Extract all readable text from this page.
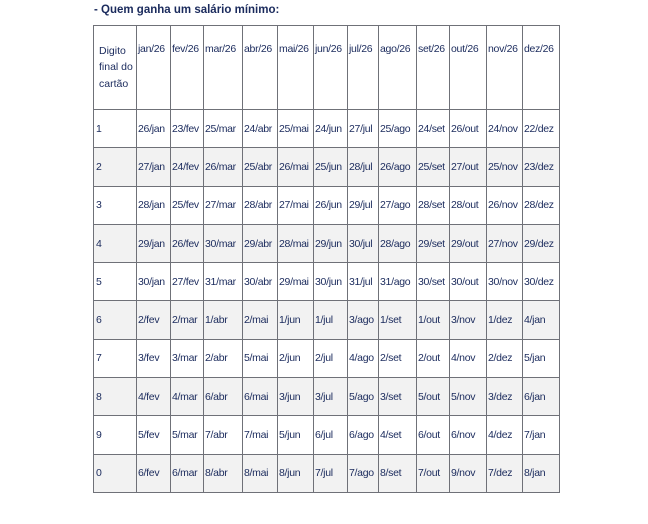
- Quem ganha um salário mínimo:
Digito final do cartão	jan/26	fev/26	mar/26	abr/26	mai/26	jun/26	jul/26	ago/26	set/26	out/26	nov/26	dez/26
1	26/jan	23/fev	25/mar	24/abr	25/mai	24/jun	27/jul	25/ago	24/set	26/out	24/nov	22/dez
2	27/jan	24/fev	26/mar	25/abr	26/mai	25/jun	28/jul	26/ago	25/set	27/out	25/nov	23/dez
3	28/jan	25/fev	27/mar	28/abr	27/mai	26/jun	29/jul	27/ago	28/set	28/out	26/nov	28/dez
4	29/jan	26/fev	30/mar	29/abr	28/mai	29/jun	30/jul	28/ago	29/set	29/out	27/nov	29/dez
5	30/jan	27/fev	31/mar	30/abr	29/mai	30/jun	31/jul	31/ago	30/set	30/out	30/nov	30/dez
6	2/fev	2/mar	1/abr	2/mai	1/jun	1/jul	3/ago	1/set	1/out	3/nov	1/dez	4/jan
7	3/fev	3/mar	2/abr	5/mai	2/jun	2/jul	4/ago	2/set	2/out	4/nov	2/dez	5/jan
8	4/fev	4/mar	6/abr	6/mai	3/jun	3/jul	5/ago	3/set	5/out	5/nov	3/dez	6/jan
9	5/fev	5/mar	7/abr	7/mai	5/jun	6/jul	6/ago	4/set	6/out	6/nov	4/dez	7/jan
0	6/fev	6/mar	8/abr	8/mai	8/jun	7/jul	7/ago	8/set	7/out	9/nov	7/dez	8/jan
